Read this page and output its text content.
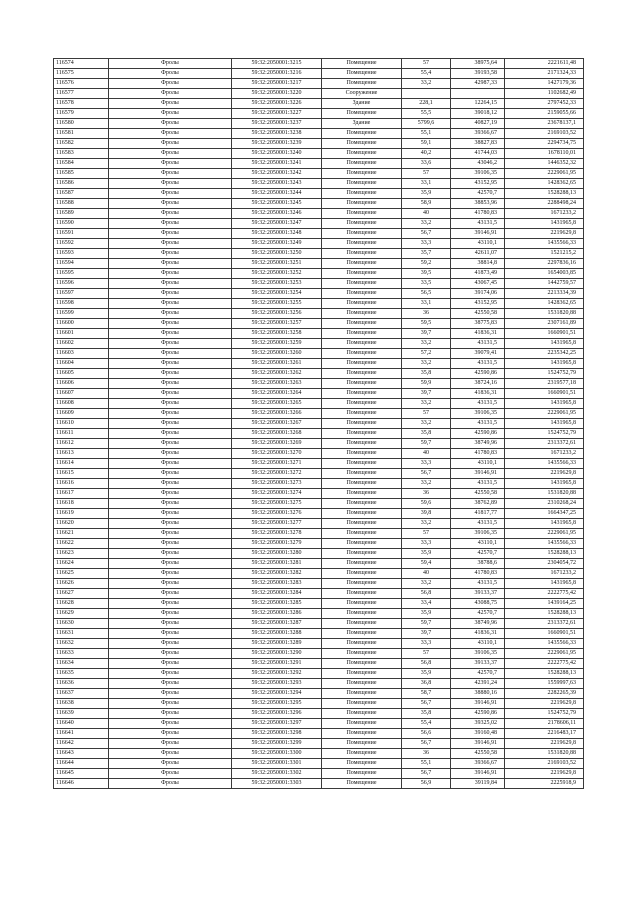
116574	Фролы	59:32:2050001:3215	Помещение	57	38975,64	2221611,48
116575	Фролы	59:32:2050001:3216	Помещение	55,4	39193,58	2171324,33
116576	Фролы	59:32:2050001:3217	Помещение	33,2	42987,33	1427179,36
116577	Фролы	59:32:2050001:3220	Сооружение			1102682,49
116578	Фролы	59:32:2050001:3226	Здание	228,1	12264,15	2797452,33
116579	Фролы	59:32:2050001:3227	Помещение	55,5	39018,12	2159055,66
116580	Фролы	59:32:2050001:3237	Здание	5799,6	40827,19	23678137,1
116581	Фролы	59:32:2050001:3238	Помещение	55,1	39366,67	2169103,52
116582	Фролы	59:32:2050001:3239	Помещение	59,1	38827,83	2294734,75
116583	Фролы	59:32:2050001:3240	Помещение	40,2	41744,03	1678110,01
116584	Фролы	59:32:2050001:3241	Помещение	33,6	43046,2	1446352,32
116585	Фролы	59:32:2050001:3242	Помещение	57	39106,35	2229061,95
116586	Фролы	59:32:2050001:3243	Помещение	33,1	43152,95	1428362,65
116587	Фролы	59:32:2050001:3244	Помещение	35,9	42570,7	1528288,13
116588	Фролы	59:32:2050001:3245	Помещение	58,9	38853,96	2288498,24
116589	Фролы	59:32:2050001:3246	Помещение	40	41780,83	1671233,2
116590	Фролы	59:32:2050001:3247	Помещение	33,2	43131,5	1431965,8
116591	Фролы	59:32:2050001:3248	Помещение	56,7	39146,91	2219629,8
116592	Фролы	59:32:2050001:3249	Помещение	33,3	43110,1	1435566,33
116593	Фролы	59:32:2050001:3250	Помещение	35,7	42611,07	1521215,2
116594	Фролы	59:32:2050001:3251	Помещение	59,2	38814,8	2297836,16
116595	Фролы	59:32:2050001:3252	Помещение	39,5	41873,49	1654003,85
116596	Фролы	59:32:2050001:3253	Помещение	33,5	43067,45	1442759,57
116597	Фролы	59:32:2050001:3254	Помещение	56,5	39174,06	2213334,39
116598	Фролы	59:32:2050001:3255	Помещение	33,1	43152,95	1428362,65
116599	Фролы	59:32:2050001:3256	Помещение	36	42550,58	1531820,88
116600	Фролы	59:32:2050001:3257	Помещение	59,5	38775,83	2307161,89
116601	Фролы	59:32:2050001:3258	Помещение	39,7	41836,31	1660901,51
116602	Фролы	59:32:2050001:3259	Помещение	33,2	43131,5	1431965,8
116603	Фролы	59:32:2050001:3260	Помещение	57,2	39079,41	2235342,25
116604	Фролы	59:32:2050001:3261	Помещение	33,2	43131,5	1431965,8
116605	Фролы	59:32:2050001:3262	Помещение	35,8	42590,86	1524752,79
116606	Фролы	59:32:2050001:3263	Помещение	59,9	38724,16	2319577,18
116607	Фролы	59:32:2050001:3264	Помещение	39,7	41836,31	1660901,51
116608	Фролы	59:32:2050001:3265	Помещение	33,2	43131,5	1431965,8
116609	Фролы	59:32:2050001:3266	Помещение	57	39106,35	2229061,95
116610	Фролы	59:32:2050001:3267	Помещение	33,2	43131,5	1431965,8
116611	Фролы	59:32:2050001:3268	Помещение	35,8	42590,86	1524752,79
116612	Фролы	59:32:2050001:3269	Помещение	59,7	38749,96	2313372,61
116613	Фролы	59:32:2050001:3270	Помещение	40	41780,83	1671233,2
116614	Фролы	59:32:2050001:3271	Помещение	33,3	43110,1	1435566,33
116615	Фролы	59:32:2050001:3272	Помещение	56,7	39146,91	2219629,8
116616	Фролы	59:32:2050001:3273	Помещение	33,2	43131,5	1431965,8
116617	Фролы	59:32:2050001:3274	Помещение	36	42550,58	1531820,88
116618	Фролы	59:32:2050001:3275	Помещение	59,6	38762,89	2310268,24
116619	Фролы	59:32:2050001:3276	Помещение	39,8	41817,77	1664347,25
116620	Фролы	59:32:2050001:3277	Помещение	33,2	43131,5	1431965,8
116621	Фролы	59:32:2050001:3278	Помещение	57	39106,35	2229061,95
116622	Фролы	59:32:2050001:3279	Помещение	33,3	43110,1	1435566,33
116623	Фролы	59:32:2050001:3280	Помещение	35,9	42570,7	1528288,13
116624	Фролы	59:32:2050001:3281	Помещение	59,4	38788,6	2304054,72
116625	Фролы	59:32:2050001:3282	Помещение	40	41780,83	1671233,2
116626	Фролы	59:32:2050001:3283	Помещение	33,2	43131,5	1431965,8
116627	Фролы	59:32:2050001:3284	Помещение	56,8	39133,37	2222775,42
116628	Фролы	59:32:2050001:3285	Помещение	33,4	43088,75	1439164,25
116629	Фролы	59:32:2050001:3286	Помещение	35,9	42570,7	1528288,13
116630	Фролы	59:32:2050001:3287	Помещение	59,7	38749,96	2313372,61
116631	Фролы	59:32:2050001:3288	Помещение	39,7	41836,31	1660901,51
116632	Фролы	59:32:2050001:3289	Помещение	33,3	43110,1	1435566,33
116633	Фролы	59:32:2050001:3290	Помещение	57	39106,35	2229061,95
116634	Фролы	59:32:2050001:3291	Помещение	56,8	39133,37	2222775,42
116635	Фролы	59:32:2050001:3292	Помещение	35,9	42570,7	1528288,13
116636	Фролы	59:32:2050001:3293	Помещение	36,8	42391,24	1559997,63
116637	Фролы	59:32:2050001:3294	Помещение	58,7	38880,16	2282265,39
116638	Фролы	59:32:2050001:3295	Помещение	56,7	39146,91	2219629,8
116639	Фролы	59:32:2050001:3296	Помещение	35,8	42590,86	1524752,79
116640	Фролы	59:32:2050001:3297	Помещение	55,4	39325,02	2178606,11
116641	Фролы	59:32:2050001:3298	Помещение	56,6	39160,48	2216483,17
116642	Фролы	59:32:2050001:3299	Помещение	56,7	39146,91	2219629,8
116643	Фролы	59:32:2050001:3300	Помещение	36	42550,58	1531820,88
116644	Фролы	59:32:2050001:3301	Помещение	55,1	39366,67	2169103,52
116645	Фролы	59:32:2050001:3302	Помещение	56,7	39146,91	2219629,8
116646	Фролы	59:32:2050001:3303	Помещение	56,9	39119,84	2225918,9
